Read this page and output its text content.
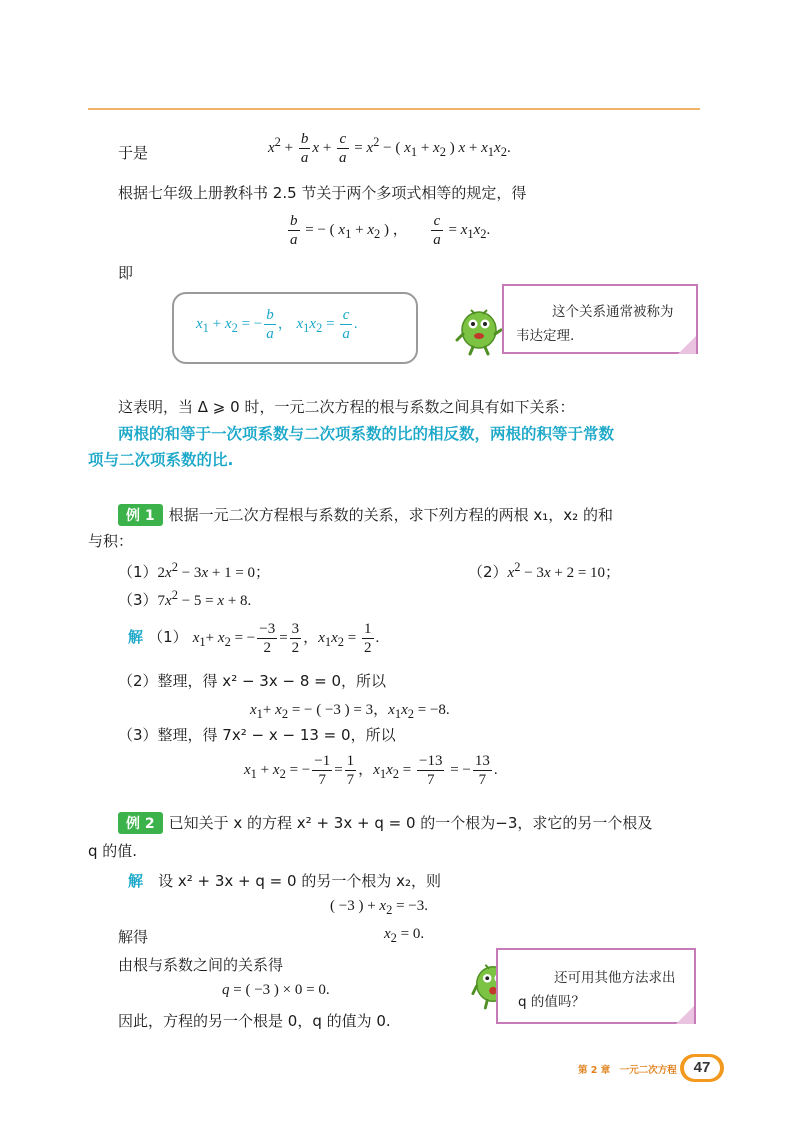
于是	$x^2 + \frac{b}{a}$ $x + \frac{c}{a} = x^2$ − ( $x_1 + x_2$ ) $x + x_1x_2$.
根据七年级上册教科书 2.5 节关于两个多项式相等的规定，得
$\frac{b}{a}$ = − ( $x_1 + x_2$ ) ， $\frac{c}{a} = x_1x_2$.
即
$x_1 + x_2$ = − $\frac{b}{a}$ ， $x_1x_2 = \frac{c}{a}$ .
这个关系通常被称为
韦达定理.
这表明，当 Δ ⩾ 0 时，一元二次方程的根与系数之间具有如下关系：
两根的和等于一次项系数与二次项系数的比的相反数，两根的积等于常数
项与二次项系数的比.
例 1 根据一元二次方程根与系数的关系，求下列方程的两根 x₁，x₂ 的和
与积：
$(1)2x^2 - 3x + 1 = 0$；	$(2)x^2 - 3x + 2 = 10$；
$(3)7x^2 - 5 = x + 8$.
解 （1） $x_1+ x_2$ = − $\frac{-3}{2} = \frac{3}{2}$ ，$x_1x_2 = \frac{1}{2}$ .
（2）整理，得 x² − 3x − 8 = 0，所以
$x_1+ x_2$ = − ( −3 ) = 3，$x_1x_2 = -8$.
（3）整理，得 7x² − x − 13 = 0，所以
$x_1 + x_2$ = − $\frac{-1}{7} = \frac{1}{7}$ ，$x_1x_2 = \frac{-13}{7}$ = − $\frac{13}{7}$ .
例 2 已知关于 x 的方程 x² + 3x + q = 0 的一个根为−3，求它的另一个根及
q 的值.
解 设 x² + 3x + q = 0 的另一个根为 x₂，则
( −3 ) + $x_2 = -3$.
解得	$x_2 = 0$.
由根与系数之间的关系得
q = ( −3 ) × 0 = 0.
因此，方程的另一个根是 0，q 的值为 0.
还可用其他方法求出
q 的值吗？
第 2 章　一元二次方程	47
